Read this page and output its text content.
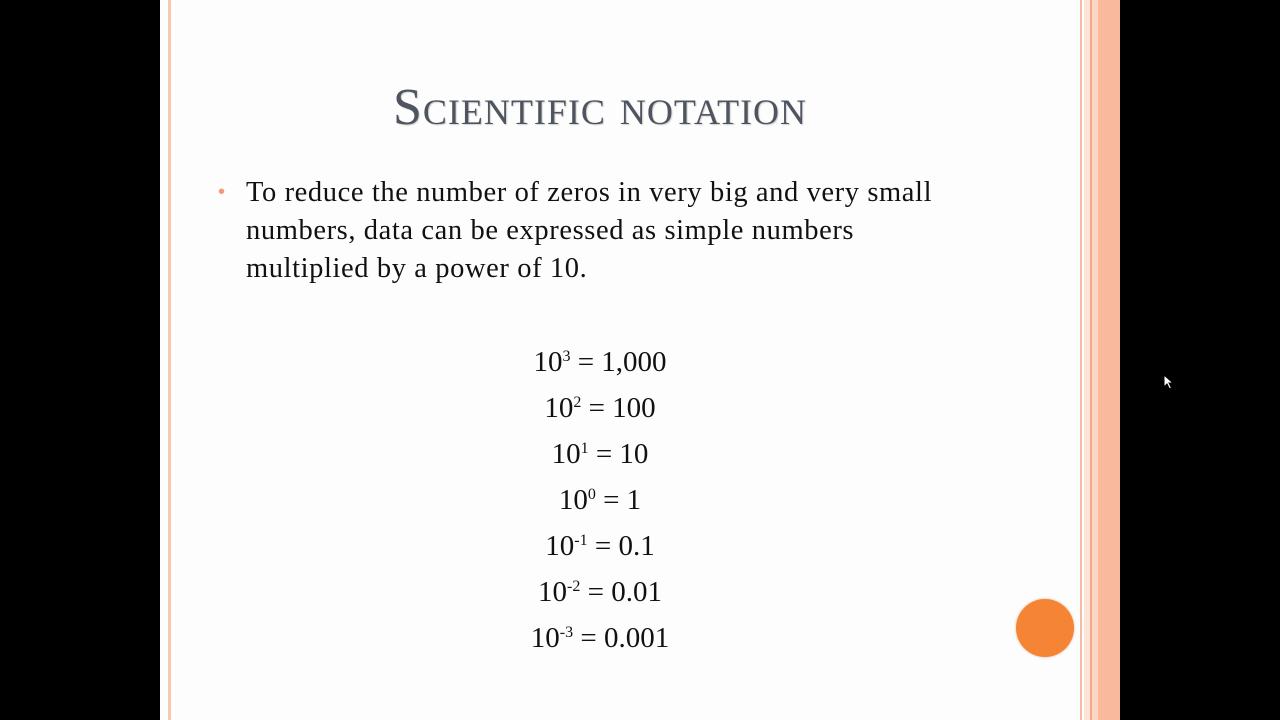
Scientific notation
• To reduce the number of zeros in very big and very small numbers, data can be expressed as simple numbers multiplied by a power of 10.
$10^3 = 1,000$
$10^2 = 100$
$10^1 = 10$
$10^0 = 1$
$10^{-1} = 0.1$
$10^{-2} = 0.01$
$10^{-3} = 0.001$
